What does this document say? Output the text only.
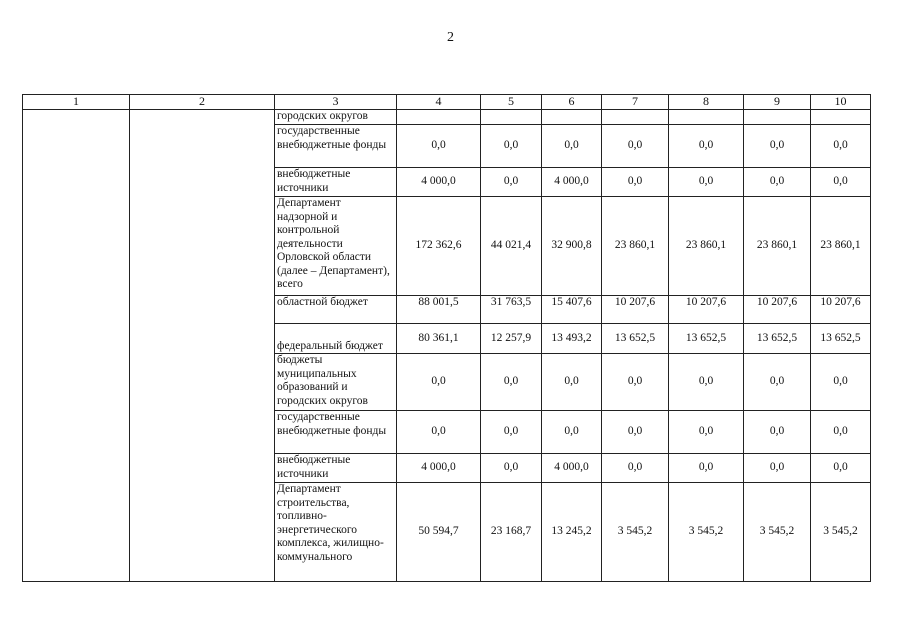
2
1	2	3	4	5	6	7	8	9	10
		городских округов							
		государственные внебюджетные фонды	0,0	0,0	0,0	0,0	0,0	0,0	0,0
		внебюджетные источники	4 000,0	0,0	4 000,0	0,0	0,0	0,0	0,0
		Департамент надзорной и контрольной деятельности Орловской области (далее – Департамент), всего	172 362,6	44 021,4	32 900,8	23 860,1	23 860,1	23 860,1	23 860,1
		областной бюджет	88 001,5	31 763,5	15 407,6	10 207,6	10 207,6	10 207,6	10 207,6
		федеральный бюджет	80 361,1	12 257,9	13 493,2	13 652,5	13 652,5	13 652,5	13 652,5
		бюджеты муниципальных образований и городских округов	0,0	0,0	0,0	0,0	0,0	0,0	0,0
		государственные внебюджетные фонды	0,0	0,0	0,0	0,0	0,0	0,0	0,0
		внебюджетные источники	4 000,0	0,0	4 000,0	0,0	0,0	0,0	0,0
		Департамент строительства, топливно-энергетического комплекса, жилищно-коммунального	50 594,7	23 168,7	13 245,2	3 545,2	3 545,2	3 545,2	3 545,2
